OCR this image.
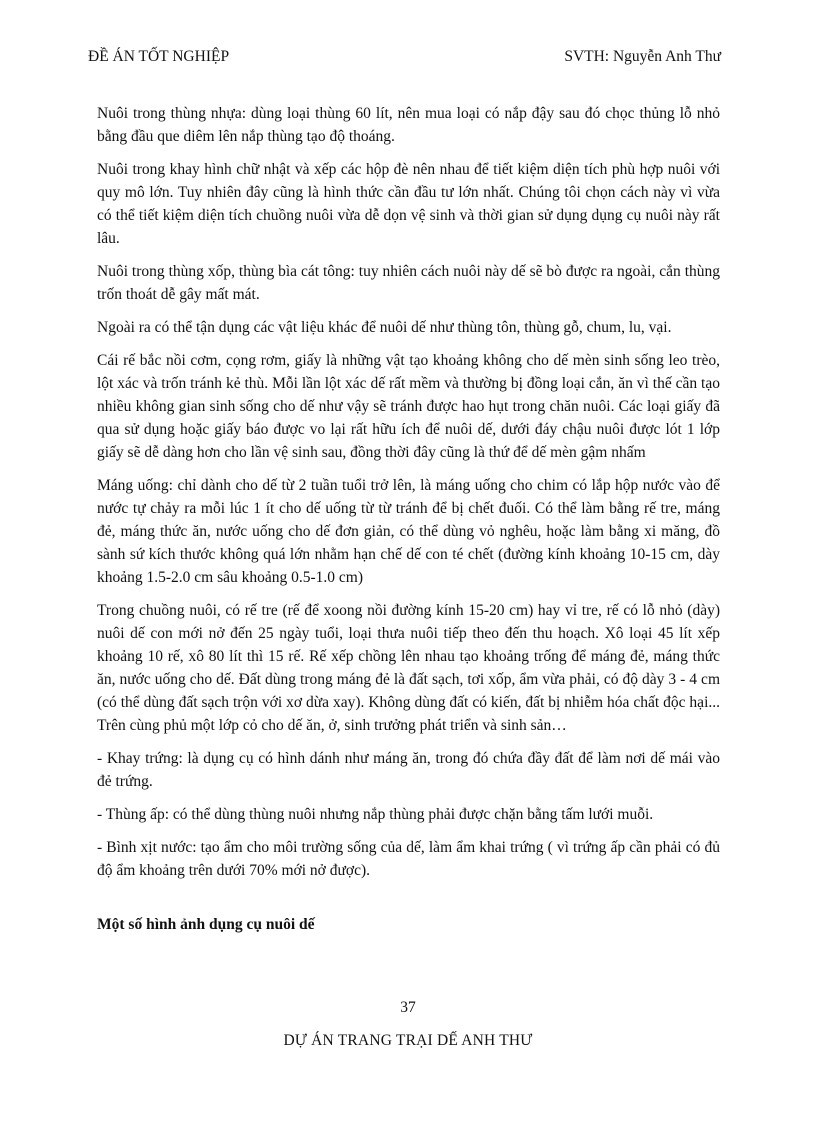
ĐỀ ÁN TỐT NGHIỆP	SVTH: Nguyễn Anh Thư

Nuôi trong thùng nhựa: dùng loại thùng 60 lít, nên mua loại có nắp đậy sau đó chọc thủng lỗ nhỏ bằng đầu que diêm lên nắp thùng tạo độ thoáng.

Nuôi trong khay hình chữ nhật và xếp các hộp đè nên nhau để tiết kiệm diện tích phù hợp nuôi với quy mô lớn. Tuy nhiên đây cũng là hình thức cần đầu tư lớn nhất. Chúng tôi chọn cách này vì vừa có thể tiết kiệm diện tích chuồng nuôi vừa dễ dọn vệ sinh và thời gian sử dụng dụng cụ nuôi này rất lâu.

Nuôi trong thùng xốp, thùng bìa cát tông: tuy nhiên cách nuôi này dế sẽ bò được ra ngoài, cắn thùng trốn thoát dễ gây mất mát.

Ngoài ra có thể tận dụng các vật liệu khác để nuôi dế như thùng tôn, thùng gỗ, chum, lu, vại.

Cái rế bắc nồi cơm, cọng rơm, giấy là những vật tạo khoảng không cho dế mèn sinh sống leo trèo, lột xác và trốn tránh kẻ thù. Mỗi lần lột xác dế rất mềm và thường bị đồng loại cắn, ăn vì thế cần tạo nhiều không gian sinh sống cho dế như vậy sẽ tránh được hao hụt trong chăn nuôi. Các loại giấy đã qua sử dụng hoặc giấy báo được vo lại rất hữu ích để nuôi dế, dưới đáy chậu nuôi được lót 1 lớp giấy sẽ dễ dàng hơn cho lần vệ sinh sau, đồng thời đây cũng là thứ để dế mèn gậm nhấm

Máng uống: chỉ dành cho dế từ 2 tuần tuổi trở lên, là máng uống cho chim có lắp hộp nước vào để nước tự chảy ra mỗi lúc 1 ít cho dế uống từ từ tránh để bị chết đuối. Có thể làm bằng rế tre, máng đẻ, máng thức ăn, nước uống cho dế đơn giản, có thể dùng vỏ nghêu, hoặc làm bằng xi măng, đồ sành sứ kích thước không quá lớn nhằm hạn chế dế con té chết (đường kính khoảng 10-15 cm, dày khoảng 1.5-2.0 cm sâu khoảng 0.5-1.0 cm)

Trong chuồng nuôi, có rế tre (rế để xoong nồi đường kính 15-20 cm) hay vỉ tre, rế có lỗ nhỏ (dày) nuôi dế con mới nở đến 25 ngày tuổi, loại thưa nuôi tiếp theo đến thu hoạch. Xô loại 45 lít xếp khoảng 10 rế, xô 80 lít thì 15 rế. Rế xếp chồng lên nhau tạo khoảng trống để máng đẻ, máng thức ăn, nước uống cho dế. Đất dùng trong máng đẻ là đất sạch, tơi xốp, ẩm vừa phải, có độ dày 3 - 4 cm (có thể dùng đất sạch trộn với xơ dừa xay). Không dùng đất có kiến, đất bị nhiễm hóa chất độc hại... Trên cùng phủ một lớp cỏ cho dế ăn, ở, sinh trưởng phát triển và sinh sản…

- Khay trứng: là dụng cụ có hình dánh như máng ăn, trong đó chứa đầy đất để làm nơi dế mái vào đẻ trứng.

- Thùng ấp: có thể dùng thùng nuôi nhưng nắp thùng phải được chặn bằng tấm lưới muỗi.

- Bình xịt nước: tạo ẩm cho môi trường sống của dế, làm ẩm khai trứng ( vì trứng ấp cần phải có đủ độ ẩm khoảng trên dưới 70% mới nở được).

Một số hình ảnh dụng cụ nuôi dế
37
DỰ ÁN TRANG TRẠI DẾ ANH THƯ
